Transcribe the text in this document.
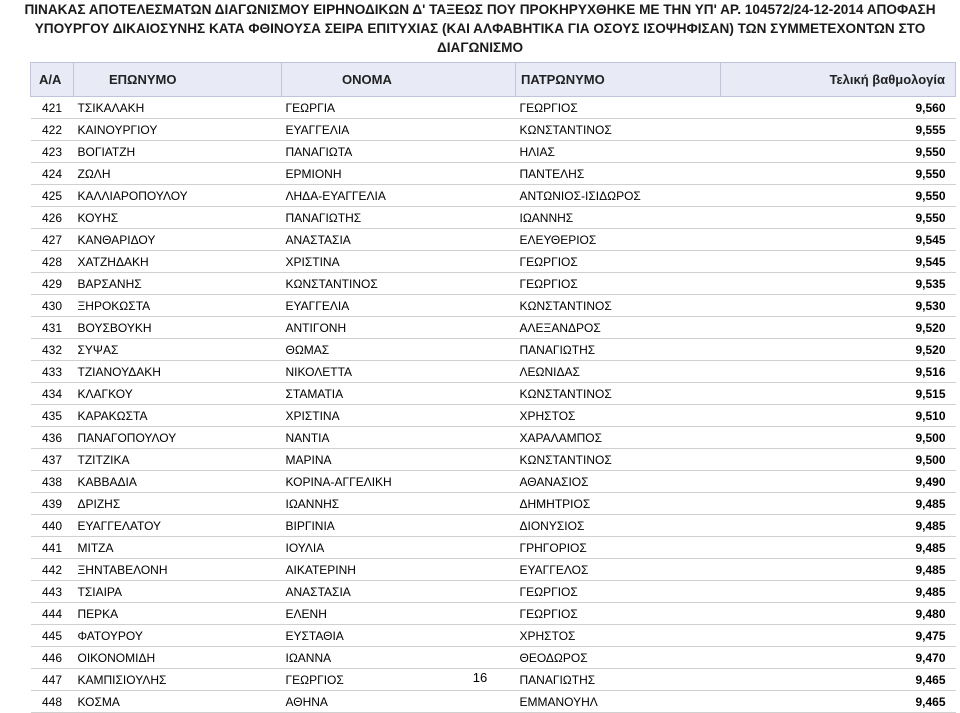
ΠΙΝΑΚΑΣ ΑΠΟΤΕΛΕΣΜΑΤΩΝ ΔΙΑΓΩΝΙΣΜΟΥ ΕΙΡΗΝΟΔΙΚΩΝ Δ' ΤΑΞΕΩΣ ΠΟΥ ΠΡΟΚΗΡΥΧΘΗΚΕ ΜΕ ΤΗΝ ΥΠ' ΑΡ. 104572/24-12-2014 ΑΠΟΦΑΣΗ
ΥΠΟΥΡΓΟΥ ΔΙΚΑΙΟΣΥΝΗΣ ΚΑΤΑ ΦΘΙΝΟΥΣΑ ΣΕΙΡΑ ΕΠΙΤΥΧΙΑΣ (ΚΑΙ ΑΛΦΑΒΗΤΙΚΑ ΓΙΑ ΟΣΟΥΣ ΙΣΟΨΗΦΙΣΑΝ) ΤΩΝ ΣΥΜΜΕΤΕΧΟΝΤΩΝ ΣΤΟ
ΔΙΑΓΩΝΙΣΜΟ
Α/Α	ΕΠΩΝΥΜΟ	ΟΝΟΜΑ	ΠΑΤΡΩΝΥΜΟ	Τελική βαθμολογία
421	ΤΣΙΚΑΛΑΚΗ	ΓΕΩΡΓΙΑ	ΓΕΩΡΓΙΟΣ	9,560
422	ΚΑΙΝΟΥΡΓΙΟΥ	ΕΥΑΓΓΕΛΙΑ	ΚΩΝΣΤΑΝΤΙΝΟΣ	9,555
423	ΒΟΓΙΑΤΖΗ	ΠΑΝΑΓΙΩΤΑ	ΗΛΙΑΣ	9,550
424	ΖΩΛΗ	ΕΡΜΙΟΝΗ	ΠΑΝΤΕΛΗΣ	9,550
425	ΚΑΛΛΙΑΡΟΠΟΥΛΟΥ	ΛΗΔΑ-ΕΥΑΓΓΕΛΙΑ	ΑΝΤΩΝΙΟΣ-ΙΣΙΔΩΡΟΣ	9,550
426	ΚΟΥΗΣ	ΠΑΝΑΓΙΩΤΗΣ	ΙΩΑΝΝΗΣ	9,550
427	ΚΑΝΘΑΡΙΔΟΥ	ΑΝΑΣΤΑΣΙΑ	ΕΛΕΥΘΕΡΙΟΣ	9,545
428	ΧΑΤΖΗΔΑΚΗ	ΧΡΙΣΤΙΝΑ	ΓΕΩΡΓΙΟΣ	9,545
429	ΒΑΡΣΑΝΗΣ	ΚΩΝΣΤΑΝΤΙΝΟΣ	ΓΕΩΡΓΙΟΣ	9,535
430	ΞΗΡΟΚΩΣΤΑ	ΕΥΑΓΓΕΛΙΑ	ΚΩΝΣΤΑΝΤΙΝΟΣ	9,530
431	ΒΟΥΣΒΟΥΚΗ	ΑΝΤΙΓΟΝΗ	ΑΛΕΞΑΝΔΡΟΣ	9,520
432	ΣΥΨΑΣ	ΘΩΜΑΣ	ΠΑΝΑΓΙΩΤΗΣ	9,520
433	ΤΖΙΑΝΟΥΔΑΚΗ	ΝΙΚΟΛΕΤΤΑ	ΛΕΩΝΙΔΑΣ	9,516
434	ΚΛΑΓΚΟΥ	ΣΤΑΜΑΤΙΑ	ΚΩΝΣΤΑΝΤΙΝΟΣ	9,515
435	ΚΑΡΑΚΩΣΤΑ	ΧΡΙΣΤΙΝΑ	ΧΡΗΣΤΟΣ	9,510
436	ΠΑΝΑΓΟΠΟΥΛΟΥ	ΝΑΝΤΙΑ	ΧΑΡΑΛΑΜΠΟΣ	9,500
437	ΤΖΙΤΖΙΚΑ	ΜΑΡΙΝΑ	ΚΩΝΣΤΑΝΤΙΝΟΣ	9,500
438	ΚΑΒΒΑΔΙΑ	ΚΟΡΙΝΑ-ΑΓΓΕΛΙΚΗ	ΑΘΑΝΑΣΙΟΣ	9,490
439	ΔΡΙΖΗΣ	ΙΩΑΝΝΗΣ	ΔΗΜΗΤΡΙΟΣ	9,485
440	ΕΥΑΓΓΕΛΑΤΟΥ	ΒΙΡΓΙΝΙΑ	ΔΙΟΝΥΣΙΟΣ	9,485
441	ΜΙΤΖΑ	ΙΟΥΛΙΑ	ΓΡΗΓΟΡΙΟΣ	9,485
442	ΞΗΝΤΑΒΕΛΟΝΗ	ΑΙΚΑΤΕΡΙΝΗ	ΕΥΑΓΓΕΛΟΣ	9,485
443	ΤΣΙΑΙΡΑ	ΑΝΑΣΤΑΣΙΑ	ΓΕΩΡΓΙΟΣ	9,485
444	ΠΕΡΚΑ	ΕΛΕΝΗ	ΓΕΩΡΓΙΟΣ	9,480
445	ΦΑΤΟΥΡΟΥ	ΕΥΣΤΑΘΙΑ	ΧΡΗΣΤΟΣ	9,475
446	ΟΙΚΟΝΟΜΙΔΗ	ΙΩΑΝΝΑ	ΘΕΟΔΩΡΟΣ	9,470
447	ΚΑΜΠΙΣΙΟΥΛΗΣ	ΓΕΩΡΓΙΟΣ	ΠΑΝΑΓΙΩΤΗΣ	9,465
448	ΚΟΣΜΑ	ΑΘΗΝΑ	ΕΜΜΑΝΟΥΗΛ	9,465
16
